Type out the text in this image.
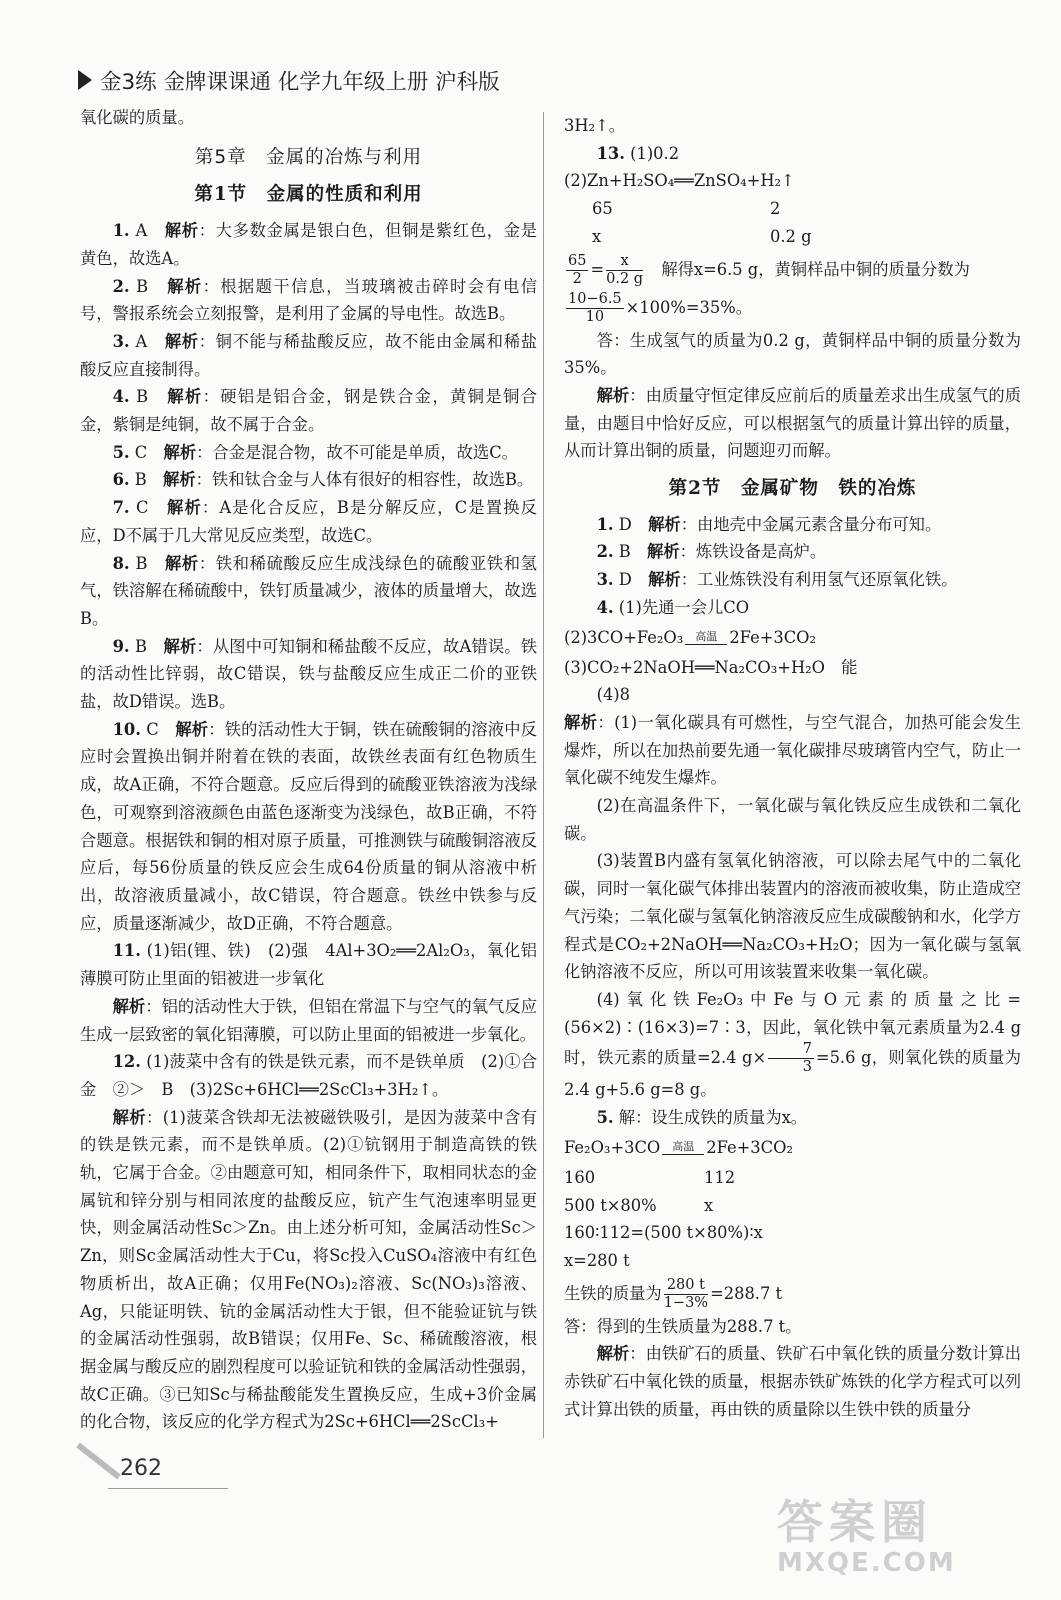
金3练 金牌课课通 化学九年级上册 沪科版

氧化碳的质量。

第5章　金属的冶炼与利用
第1节　金属的性质和利用

1. A　 解析：大多数金属是银白色，但铜是紫红色，金是黄色，故选A。

2. B　 解析：根据题干信息，当玻璃被击碎时会有电信号，警报系统会立刻报警，是利用了金属的导电性。故选B。

3. A　 解析：铜不能与稀盐酸反应，故不能由金属和稀盐酸反应直接制得。

4. B　 解析：硬铝是铝合金，钢是铁合金，黄铜是铜合金，紫铜是纯铜，故不属于合金。

5. C　 解析：合金是混合物，故不可能是单质，故选C。

6. B　 解析：铁和钛合金与人体有很好的相容性，故选B。

7. C　 解析：A是化合反应，B是分解反应，C是置换反应，D不属于几大常见反应类型，故选C。

8. B　 解析：铁和稀硫酸反应生成浅绿色的硫酸亚铁和氢气，铁溶解在稀硫酸中，铁钉质量减少，液体的质量增大，故选B。

9. B　 解析：从图中可知铜和稀盐酸不反应，故A错误。铁的活动性比锌弱，故C错误，铁与盐酸反应生成正二价的亚铁盐，故D错误。选B。

10. C　 解析：铁的活动性大于铜，铁在硫酸铜的溶液中反应时会置换出铜并附着在铁的表面，故铁丝表面有红色物质生成，故A正确，不符合题意。反应后得到的硫酸亚铁溶液为浅绿色，可观察到溶液颜色由蓝色逐渐变为浅绿色，故B正确，不符合题意。根据铁和铜的相对原子质量，可推测铁与硫酸铜溶液反应后，每56份质量的铁反应会生成64份质量的铜从溶液中析出，故溶液质量减小，故C错误，符合题意。铁丝中铁参与反应，质量逐渐减少，故D正确，不符合题意。

11. (1)铝(锂、铁)　(2)强　4Al+3O₂══2Al₂O₃，氧化铝薄膜可防止里面的铝被进一步氧化

解析：铝的活动性大于铁，但铝在常温下与空气的氧气反应生成一层致密的氧化铝薄膜，可以防止里面的铝被进一步氧化。

12. (1)菠菜中含有的铁是铁元素，而不是铁单质　(2)①合金　②＞　B　(3)2Sc+6HCl══2ScCl₃+3H₂↑。

解析：(1)菠菜含铁却无法被磁铁吸引，是因为菠菜中含有的铁是铁元素，而不是铁单质。(2)①钪钢用于制造高铁的铁轨，它属于合金。②由题意可知，相同条件下，取相同状态的金属钪和锌分别与相同浓度的盐酸反应，钪产生气泡速率明显更快，则金属活动性Sc＞Zn。由上述分析可知，金属活动性Sc＞Zn，则Sc金属活动性大于Cu，将Sc投入CuSO₄溶液中有红色物质析出，故A正确；仅用Fe(NO₃)₂溶液、Sc(NO₃)₃溶液、Ag，只能证明铁、钪的金属活动性大于银，但不能验证钪与铁的金属活动性强弱，故B错误；仅用Fe、Sc、稀硫酸溶液，根据金属与酸反应的剧烈程度可以验证钪和铁的金属活动性强弱，故C正确。③已知Sc与稀盐酸能发生置换反应，生成+3价金属的化合物，该反应的化学方程式为2Sc+6HCl══2ScCl₃+

3H₂↑。

13. (1)0.2

(2)Zn+H₂SO₄══ZnSO₄+H₂↑

65	2
x	0.2 g

$\frac{65}{2} = \frac{x}{0.2 g}$ 　解得x=6.5 g，黄铜样品中铜的质量分数为

$\frac{10-6.5}{10} \times 100\%=35\%$。

答：生成氢气的质量为0.2 g，黄铜样品中铜的质量分数为35%。

解析：由质量守恒定律反应前后的质量差求出生成氢气的质量，由题目中恰好反应，可以根据氢气的质量计算出锌的质量，从而计算出铜的质量，问题迎刃而解。

第2节　金属矿物　铁的冶炼

1. D　 解析：由地壳中金属元素含量分布可知。

2. B　 解析：炼铁设备是高炉。

3. D　 解析：工业炼铁没有利用氢气还原氧化铁。

4. (1)先通一会儿CO

(2)3CO+Fe₂O₃ 高温 2Fe+3CO₂

(3)CO₂+2NaOH══Na₂CO₃+H₂O　能

(4)8

解析：(1)一氧化碳具有可燃性，与空气混合，加热可能会发生爆炸，所以在加热前要先通一氧化碳排尽玻璃管内空气，防止一氧化碳不纯发生爆炸。

(2)在高温条件下，一氧化碳与氧化铁反应生成铁和二氧化碳。

(3)装置B内盛有氢氧化钠溶液，可以除去尾气中的二氧化碳，同时一氧化碳气体排出装置内的溶液而被收集，防止造成空气污染；二氧化碳与氢氧化钠溶液反应生成碳酸钠和水，化学方程式是CO₂+2NaOH══Na₂CO₃+H₂O；因为一氧化碳与氢氧化钠溶液不反应，所以可用该装置来收集一氧化碳。

(4)氧化铁Fe₂O₃中Fe与O元素的质量之比=(56×2)∶(16×3)=7∶3，因此，氧化铁中氧元素质量为2.4 g时，铁元素的质量=2.4 $g\times \frac{7}{3} =5.6$ g，则氧化铁的质量为2.4 g+5.6 g=8 g。

5. 解：设生成铁的质量为x。

Fe₂O₃+3CO 高温 2Fe+3CO₂

160	112
500 t×80%	x

160∶112=(500 t×80%)∶x

x=280 t

生铁的质量为 $\frac{280 t}{1-3\%} =288.7$ t

答：得到的生铁质量为288.7 t。

解析：由铁矿石的质量、铁矿石中氧化铁的质量分数计算出赤铁矿石中氧化铁的质量，根据赤铁矿炼铁的化学方程式可以列式计算出铁的质量，再由铁的质量除以生铁中铁的质量分

262
答案圈
MXQE.COM
